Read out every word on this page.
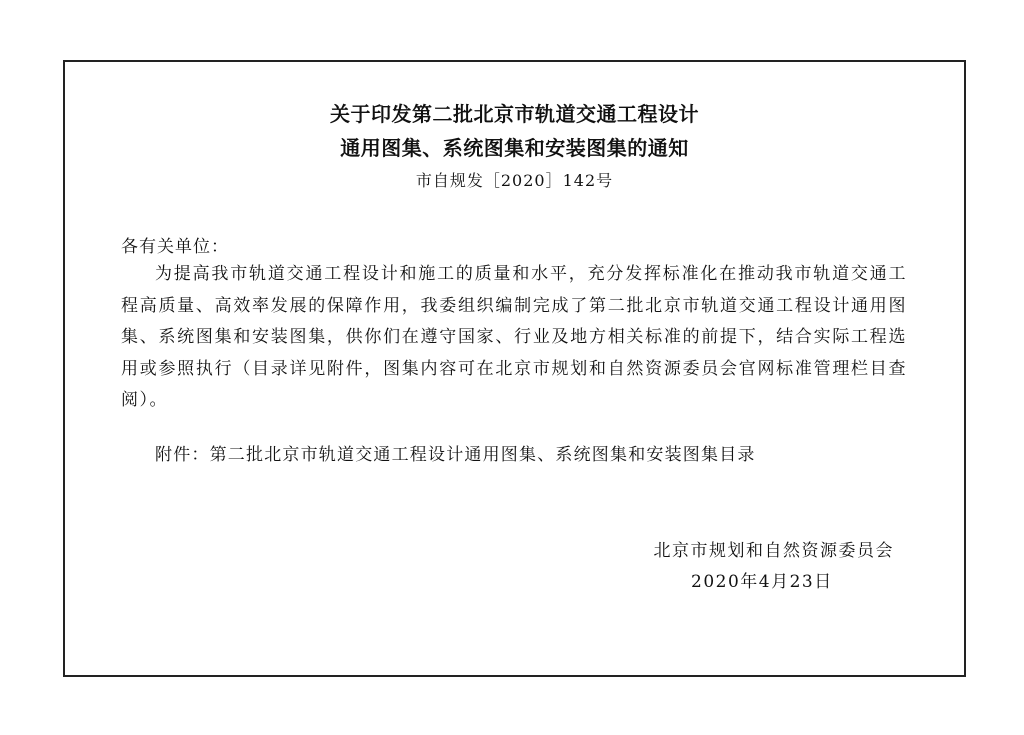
关于印发第二批北京市轨道交通工程设计
通用图集、系统图集和安装图集的通知
市自规发［2020］142号
各有关单位：

为提高我市轨道交通工程设计和施工的质量和水平，充分发挥标准化在推动我市轨道交通工程高质量、高效率发展的保障作用，我委组织编制完成了第二批北京市轨道交通工程设计通用图集、系统图集和安装图集，供你们在遵守国家、行业及地方相关标准的前提下，结合实际工程选用或参照执行（目录详见附件，图集内容可在北京市规划和自然资源委员会官网标准管理栏目查阅）。

附件：第二批北京市轨道交通工程设计通用图集、系统图集和安装图集目录
北京市规划和自然资源委员会
2020年4月23日
